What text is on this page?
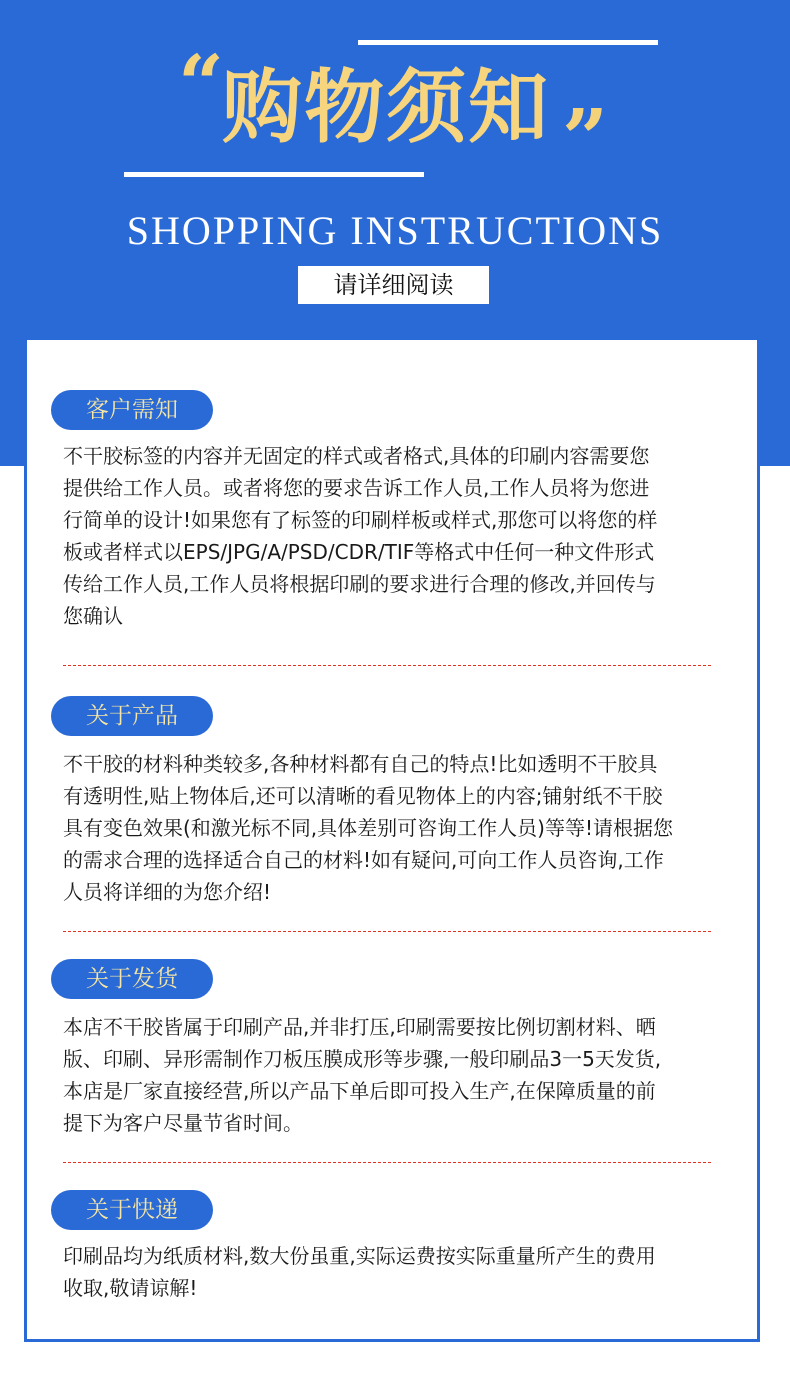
“
购物须知 ”
SHOPPING INSTRUCTIONS
请详细阅读
客户需知

不干胶标签的内容并无固定的样式或者格式,具体的印刷内容需要您
提供给工作人员。或者将您的要求告诉工作人员,工作人员将为您进
行简单的设计!如果您有了标签的印刷样板或样式,那您可以将您的样
板或者样式以EPS/JPG/A/PSD/CDR/TIF等格式中任何一种文件形式
传给工作人员,工作人员将根据印刷的要求进行合理的修改,并回传与
您确认

关于产品

不干胶的材料种类较多,各种材料都有自己的特点!比如透明不干胶具
有透明性,贴上物体后,还可以清晰的看见物体上的内容;铺射纸不干胶
具有变色效果(和激光标不同,具体差别可咨询工作人员)等等!请根据您
的需求合理的选择适合自己的材料!如有疑问,可向工作人员咨询,工作
人员将详细的为您介绍!

关于发货

本店不干胶皆属于印刷产品,并非打压,印刷需要按比例切割材料、晒
版、印刷、异形需制作刀板压膜成形等步骤,一般印刷品3一5天发货,
本店是厂家直接经营,所以产品下单后即可投入生产,在保障质量的前
提下为客户尽量节省时间。

关于快递

印刷品均为纸质材料,数大份虽重,实际运费按实际重量所产生的费用
收取,敬请谅解!
